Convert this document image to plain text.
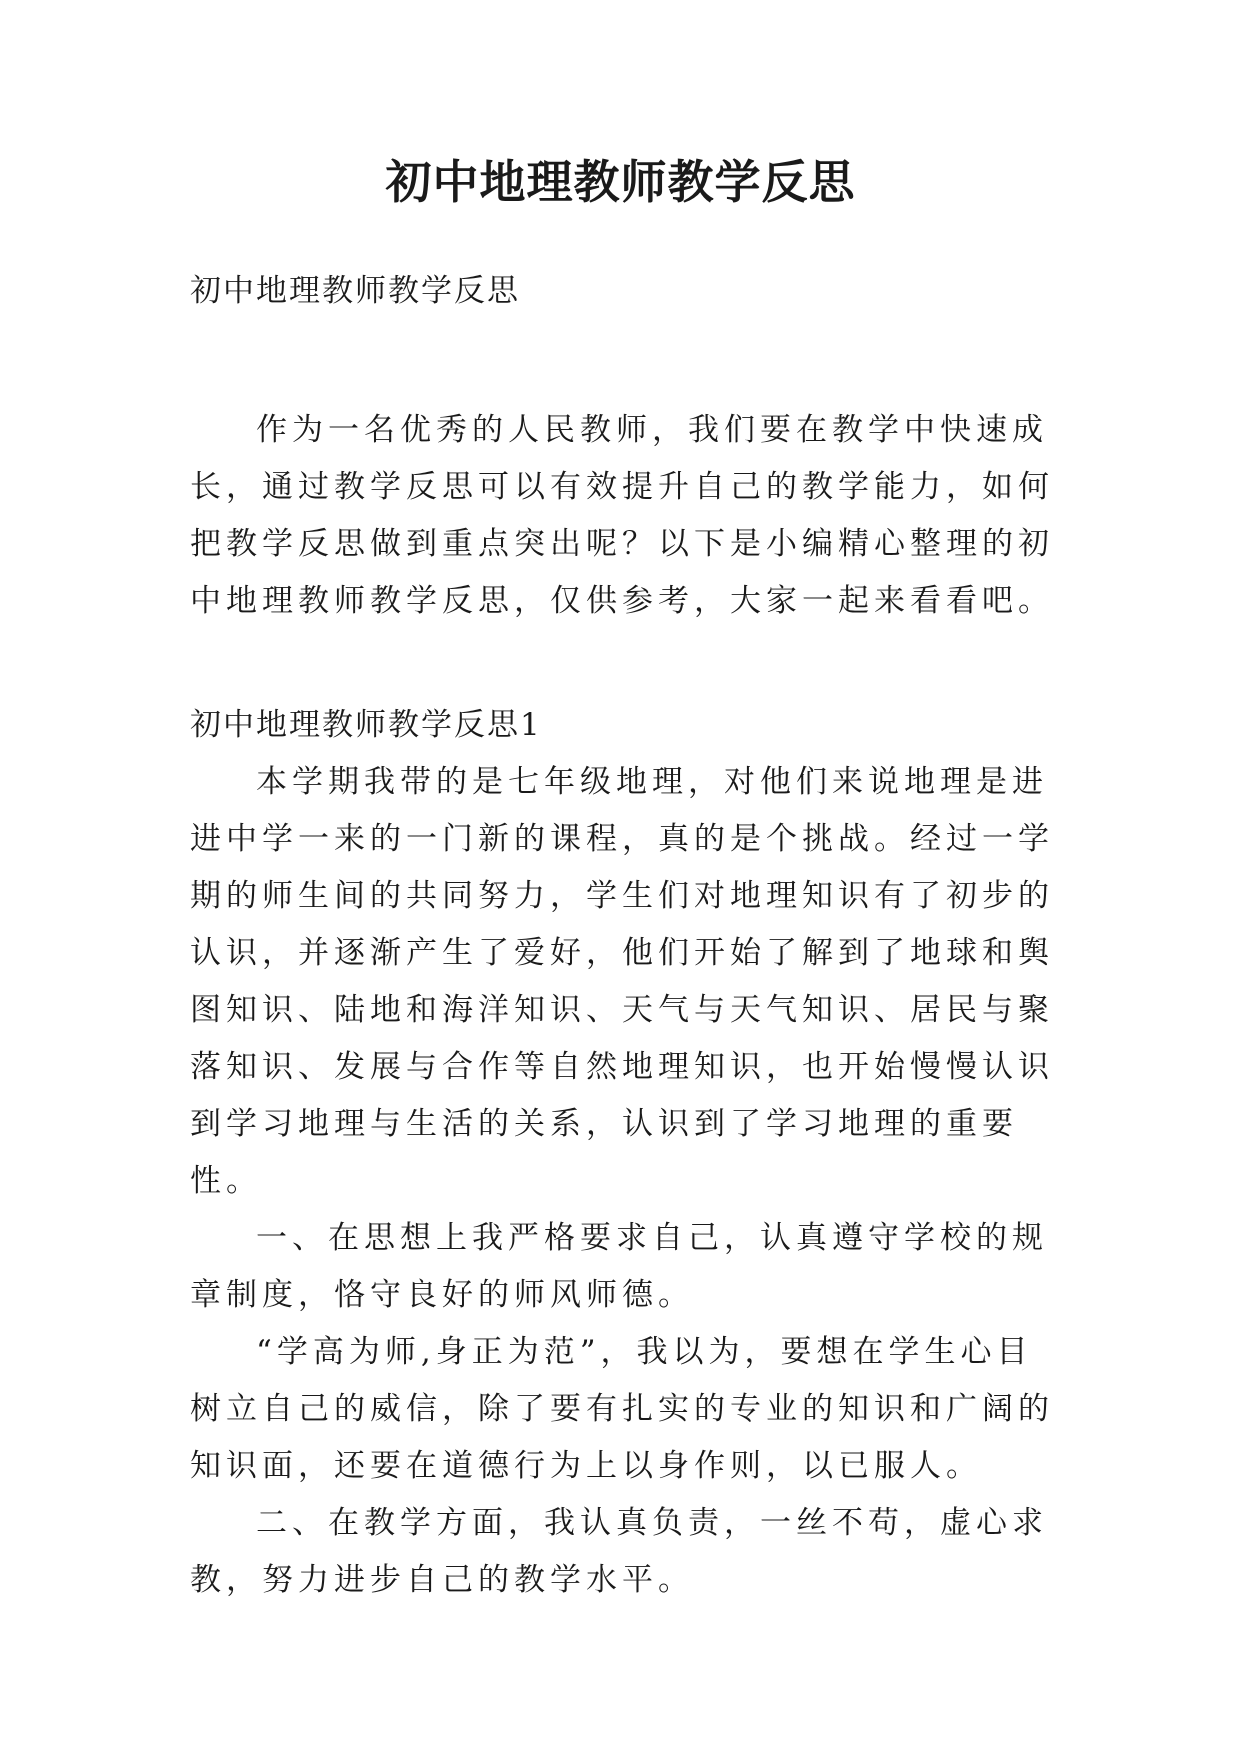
初中地理教师教学反思

初中地理教师教学反思

作为一名优秀的人民教师，我们要在教学中快速成长，通过教学反思可以有效提升自己的教学能力，如何把教学反思做到重点突出呢？以下是小编精心整理的初中地理教师教学反思，仅供参考，大家一起来看看吧。

初中地理教师教学反思1

本学期我带的是七年级地理，对他们来说地理是进进中学一来的一门新的课程，真的是个挑战。经过一学期的师生间的共同努力，学生们对地理知识有了初步的认识，并逐渐产生了爱好，他们开始了解到了地球和舆图知识、陆地和海洋知识、天气与天气知识、居民与聚落知识、发展与合作等自然地理知识，也开始慢慢认识到学习地理与生活的关系，认识到了学习地理的重要性。

一、在思想上我严格要求自己，认真遵守学校的规章制度，恪守良好的师风师德。

“学高为师,身正为范”，我以为，要想在学生心目树立自己的威信，除了要有扎实的专业的知识和广阔的知识面，还要在道德行为上以身作则，以已服人。

二、在教学方面，我认真负责，一丝不苟，虚心求教，努力进步自己的教学水平。
